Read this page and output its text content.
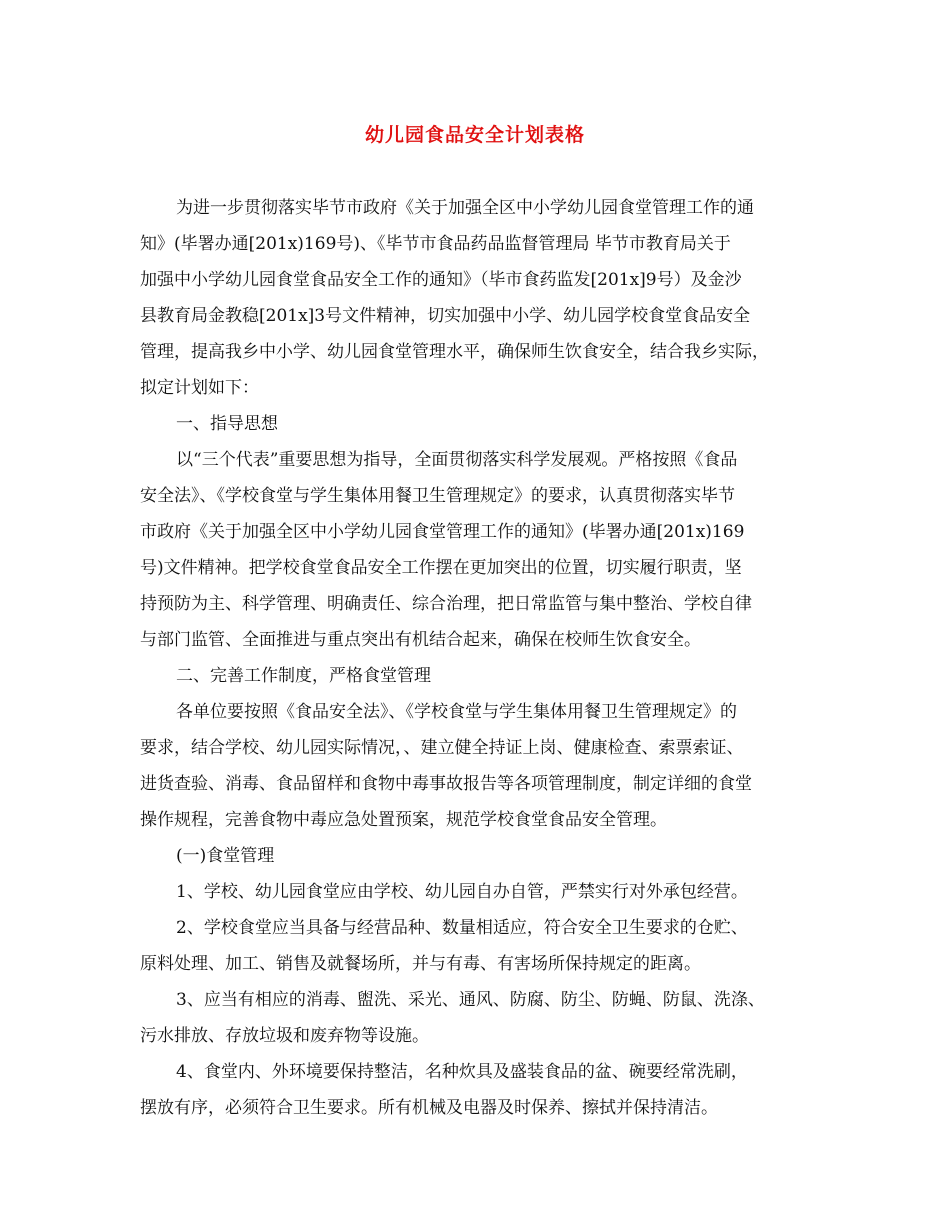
幼儿园食品安全计划表格
为进一步贯彻落实毕节市政府《关于加强全区中小学幼儿园食堂管理工作的通
知》(毕署办通[201x)169号)、《毕节市食品药品监督管理局 毕节市教育局关于
加强中小学幼儿园食堂食品安全工作的通知》（毕市食药监发[201x]9号）及金沙
县教育局金教稳[201x]3号文件精神，切实加强中小学、幼儿园学校食堂食品安全
管理，提高我乡中小学、幼儿园食堂管理水平，确保师生饮食安全，结合我乡实际，
拟定计划如下：
一、指导思想
以“三个代表”重要思想为指导，全面贯彻落实科学发展观。严格按照《食品
安全法》、《学校食堂与学生集体用餐卫生管理规定》的要求，认真贯彻落实毕节
市政府《关于加强全区中小学幼儿园食堂管理工作的通知》(毕署办通[201x)169
号)文件精神。把学校食堂食品安全工作摆在更加突出的位置，切实履行职责，坚
持预防为主、科学管理、明确责任、综合治理，把日常监管与集中整治、学校自律
与部门监管、全面推进与重点突出有机结合起来，确保在校师生饮食安全。
二、完善工作制度，严格食堂管理
各单位要按照《食品安全法》、《学校食堂与学生集体用餐卫生管理规定》的
要求，结合学校、幼儿园实际情况，、建立健全持证上岗、健康检查、索票索证、
进货查验、消毒、食品留样和食物中毒事故报告等各项管理制度，制定详细的食堂
操作规程，完善食物中毒应急处置预案，规范学校食堂食品安全管理。
(一)食堂管理
1、学校、幼儿园食堂应由学校、幼儿园自办自管，严禁实行对外承包经营。
2、学校食堂应当具备与经营品种、数量相适应，符合安全卫生要求的仓贮、
原料处理、加工、销售及就餐场所，并与有毒、有害场所保持规定的距离。
3、应当有相应的消毒、盥洗、采光、通风、防腐、防尘、防蝇、防鼠、洗涤、
污水排放、存放垃圾和废弃物等设施。
4、食堂内、外环境要保持整洁，名种炊具及盛装食品的盆、碗要经常洗刷，
摆放有序，必须符合卫生要求。所有机械及电器及时保养、擦拭并保持清洁。
